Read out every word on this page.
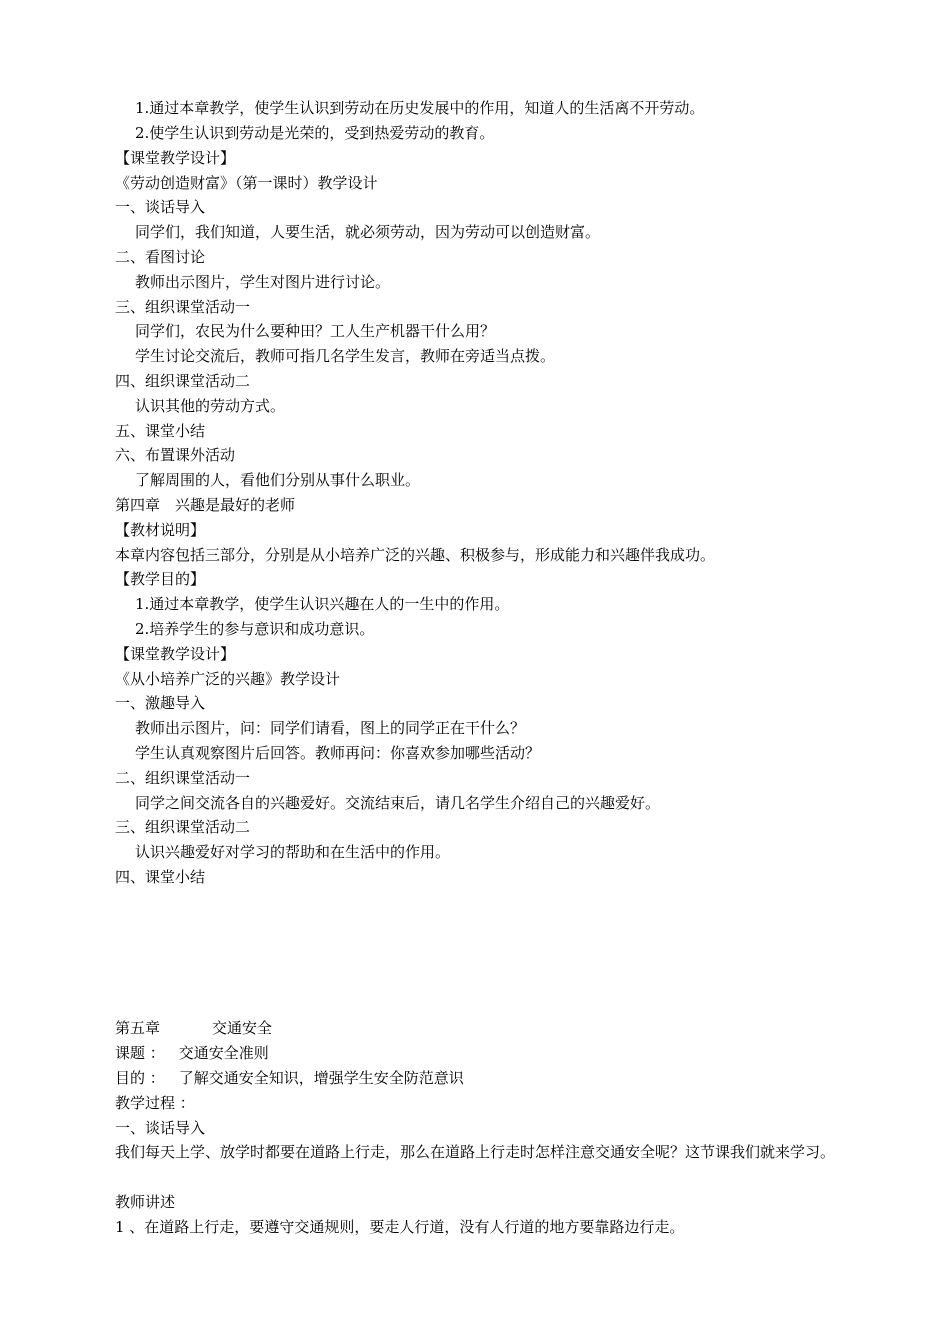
1.通过本章教学，使学生认识到劳动在历史发展中的作用，知道人的生活离不开劳动。
2.使学生认识到劳动是光荣的，受到热爱劳动的教育。
【课堂教学设计】
《劳动创造财富》（第一课时）教学设计
一、谈话导入
同学们，我们知道，人要生活，就必须劳动，因为劳动可以创造财富。
二、看图讨论
教师出示图片，学生对图片进行讨论。
三、组织课堂活动一
同学们，农民为什么要种田？工人生产机器干什么用？
学生讨论交流后，教师可指几名学生发言，教师在旁适当点拨。
四、组织课堂活动二
认识其他的劳动方式。
五、课堂小结
六、布置课外活动
了解周围的人，看他们分别从事什么职业。
第四章　兴趣是最好的老师
【教材说明】
本章内容包括三部分，分别是从小培养广泛的兴趣、积极参与，形成能力和兴趣伴我成功。
【教学目的】
1.通过本章教学，使学生认识兴趣在人的一生中的作用。
2.培养学生的参与意识和成功意识。
【课堂教学设计】
《从小培养广泛的兴趣》教学设计
一、激趣导入
教师出示图片，问：同学们请看，图上的同学正在干什么？
学生认真观察图片后回答。教师再问：你喜欢参加哪些活动？
二、组织课堂活动一
同学之间交流各自的兴趣爱好。交流结束后，请几名学生介绍自己的兴趣爱好。
三、组织课堂活动二
认识兴趣爱好对学习的帮助和在生活中的作用。
四、课堂小结
第五章	交通安全
课题 ： 交通安全准则
目的 ： 了解交通安全知识，增强学生安全防范意识
教学过程 ：
一、谈话导入
我们每天上学、放学时都要在道路上行走，那么在道路上行走时怎样注意交通安全呢？这节课我们就来学习。
教师讲述
1 、在道路上行走，要遵守交通规则，要走人行道，没有人行道的地方要靠路边行走。
